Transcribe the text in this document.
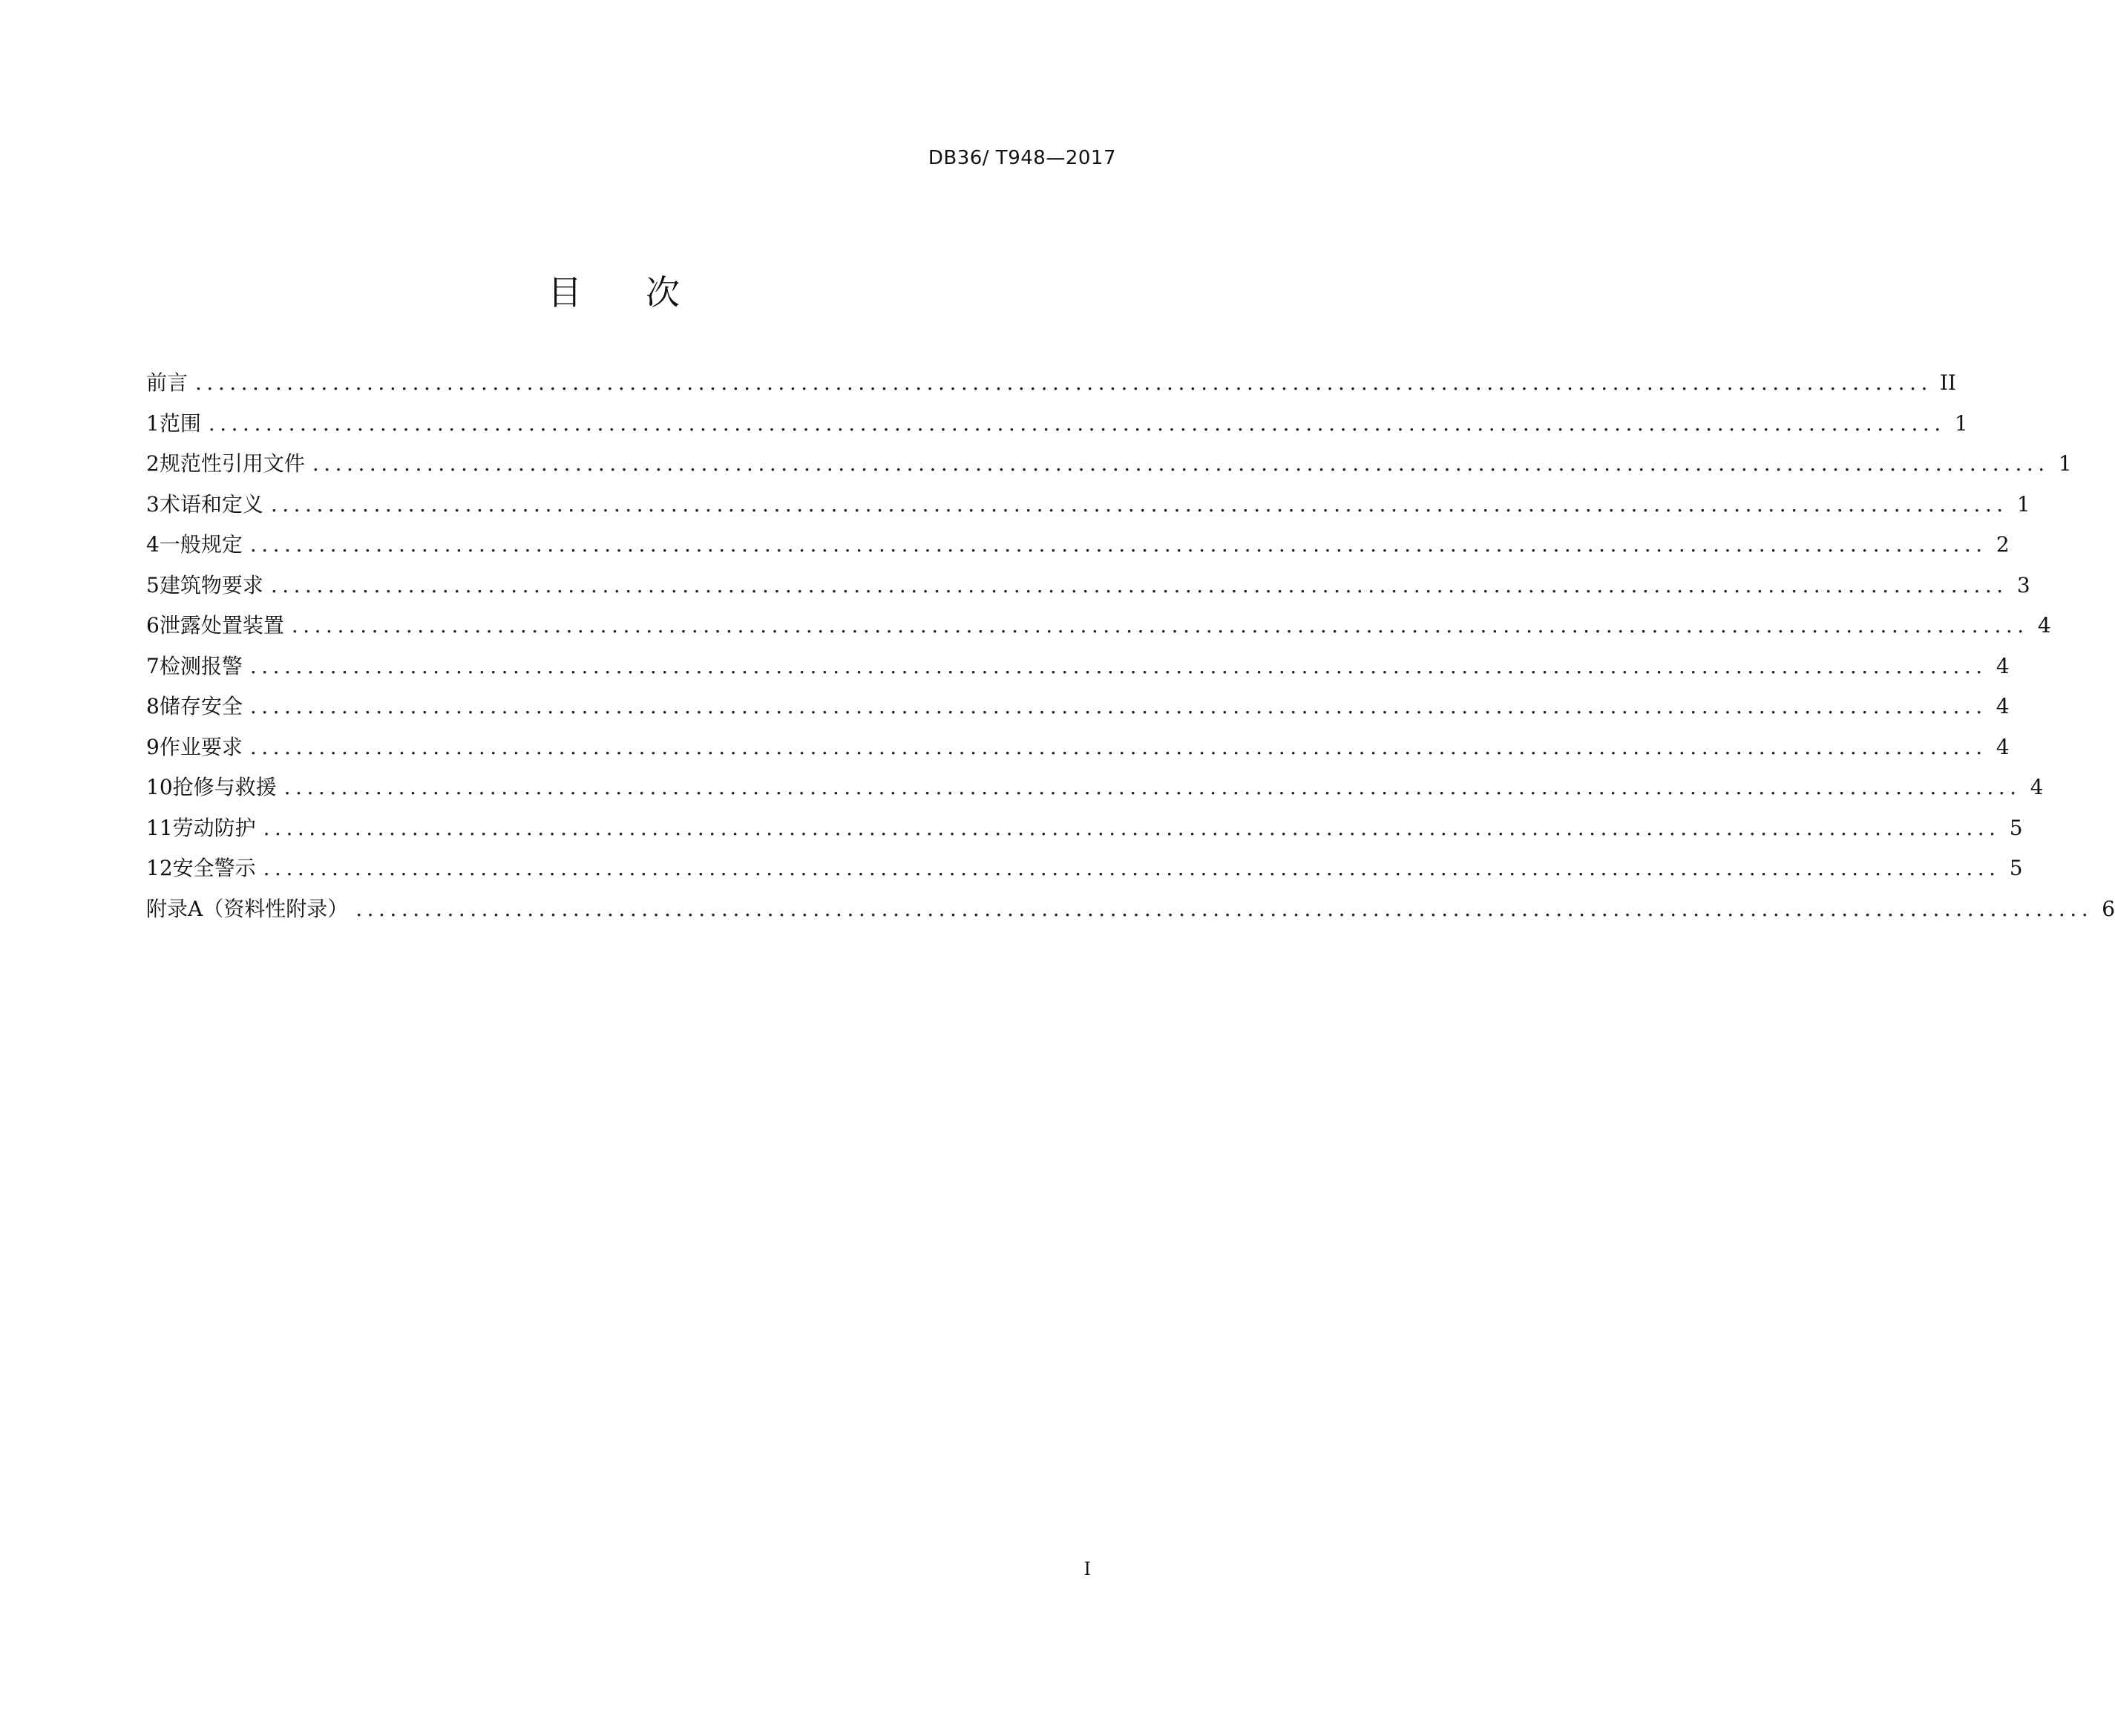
DB36/ T948—2017
目 次
前言 ........................................................................................................................................................ II
1 范围 ........................................................................................................................................................ 1
2 规范性引用文件 ........................................................................................................................................................ 1
3 术语和定义 ........................................................................................................................................................ 1
4 一般规定 ........................................................................................................................................................ 2
5 建筑物要求 ........................................................................................................................................................ 3
6 泄露处置装置 ........................................................................................................................................................ 4
7 检测报警 ........................................................................................................................................................ 4
8 储存安全 ........................................................................................................................................................ 4
9 作业要求 ........................................................................................................................................................ 4
10 抢修与救援 ........................................................................................................................................................ 4
11 劳动防护 ........................................................................................................................................................ 5
12 安全警示 ........................................................................................................................................................ 5
附录A（资料性附录） ........................................................................................................................................................ 6
I
